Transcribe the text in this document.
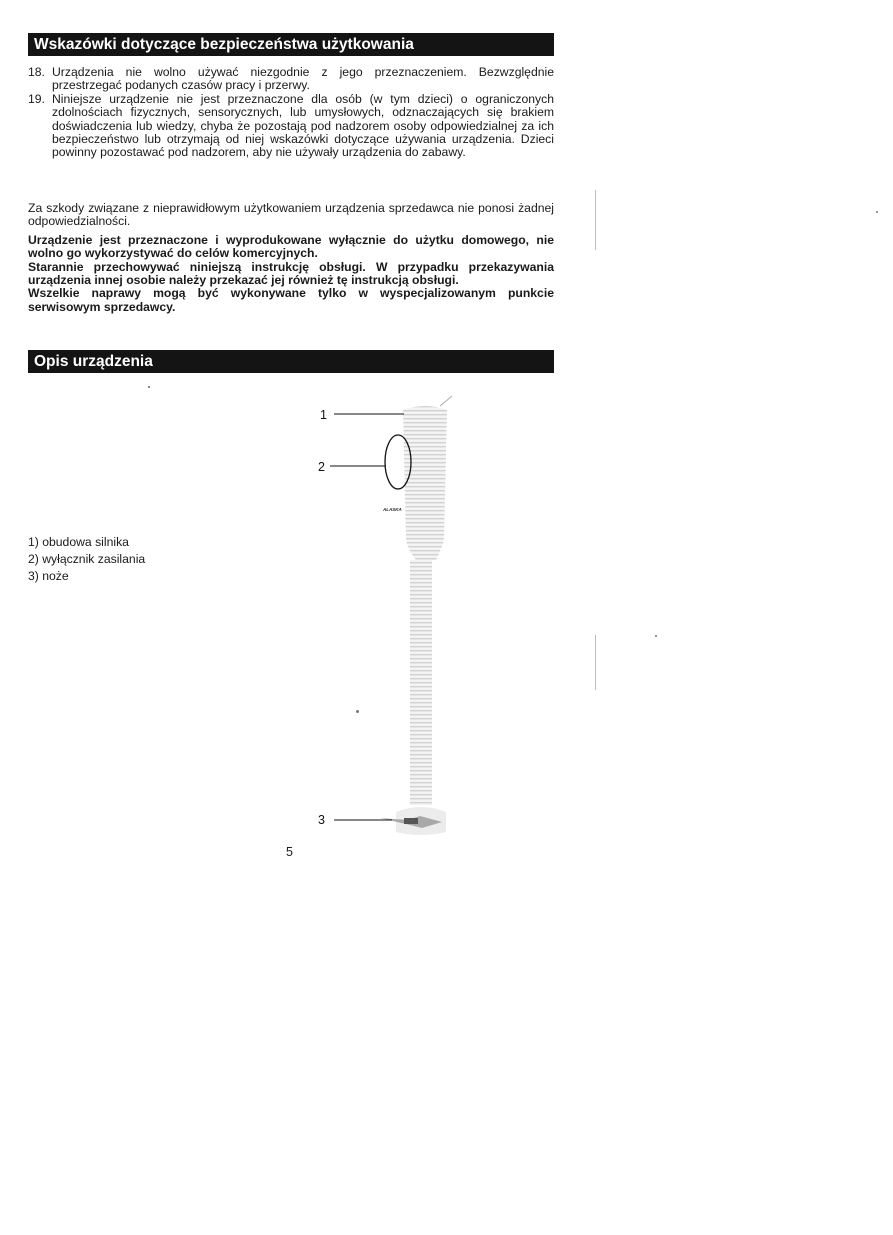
Wskazówki dotyczące bezpieczeństwa użytkowania
18. Urządzenia nie wolno używać niezgodnie z jego przeznaczeniem. Bezwzględnie przestrzegać podanych czasów pracy i przerwy.
19. Niniejsze urządzenie nie jest przeznaczone dla osób (w tym dzieci) o ograniczonych zdolnościach fizycznych, sensorycznych, lub umysłowych, odznaczających się brakiem doświadczenia lub wiedzy, chyba że pozostają pod nadzorem osoby odpowiedzialnej za ich bezpieczeństwo lub otrzymają od niej wskazówki dotyczące używania urządzenia. Dzieci powinny pozostawać pod nadzorem, aby nie używały urządzenia do zabawy.

Za szkody związane z nieprawidłowym użytkowaniem urządzenia sprzedawca nie ponosi żadnej odpowiedzialności.

Urządzenie jest przeznaczone i wyprodukowane wyłącznie do użytku domowego, nie wolno go wykorzystywać do celów komercyjnych.

Starannie przechowywać niniejszą instrukcję obsługi. W przypadku przekazywania urządzenia innej osobie należy przekazać jej również tę instrukcją obsługi.

Wszelkie naprawy mogą być wykonywane tylko w wyspecjalizowanym punkcie serwisowym sprzedawcy.

Opis urządzenia
1) obudowa silnika
2) wyłącznik zasilania
3) noże
1
2
3
ALASKA
5
